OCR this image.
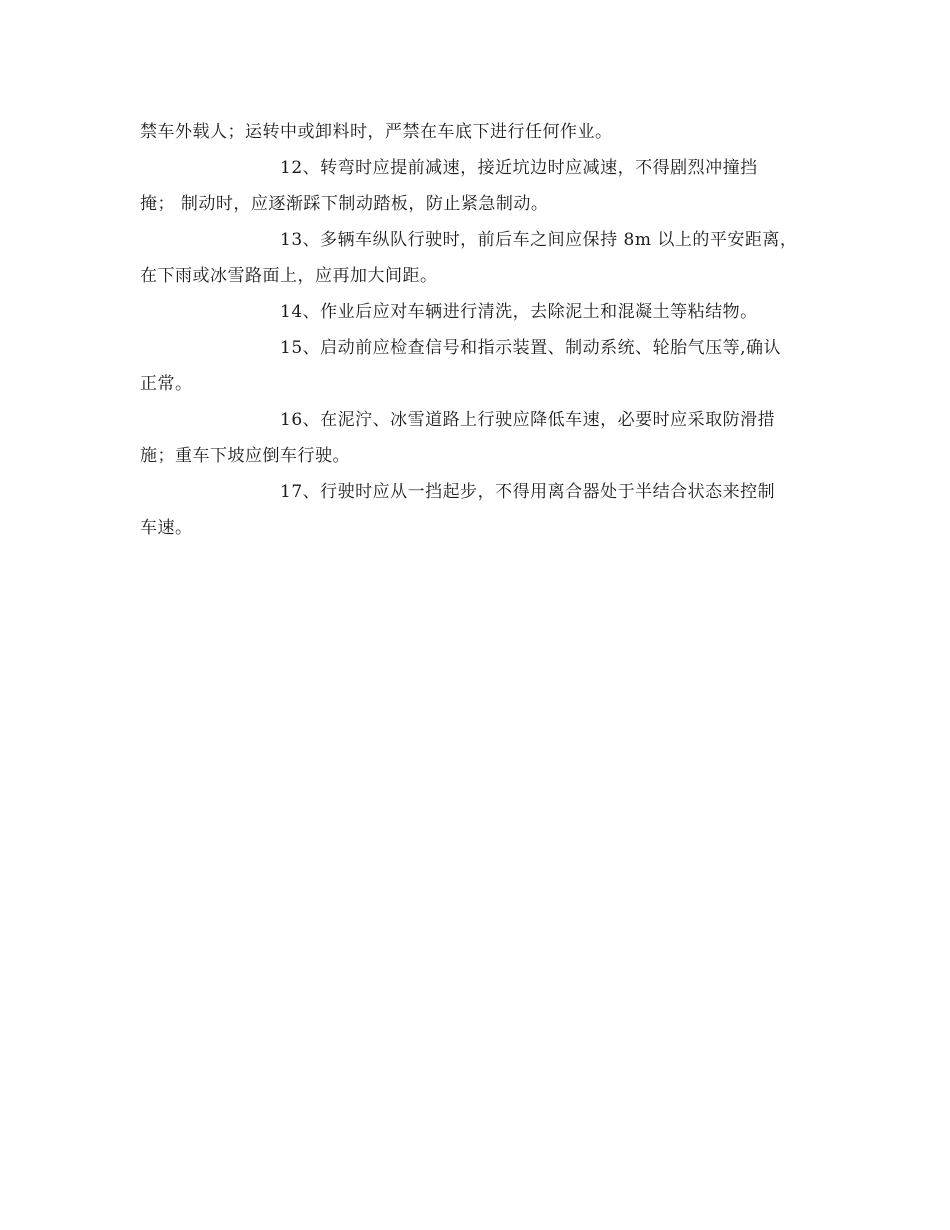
禁车外载人；运转中或卸料时，严禁在车底下进行任何作业。
12、转弯时应提前减速，接近坑边时应减速，不得剧烈冲撞挡
掩； 制动时，应逐渐踩下制动踏板，防止紧急制动。
13、多辆车纵队行驶时，前后车之间应保持 8m 以上的平安距离，
在下雨或冰雪路面上，应再加大间距。
14、作业后应对车辆进行清洗，去除泥土和混凝土等粘结物。
15、启动前应检查信号和指示装置、制动系统、轮胎气压等,确认
正常。
16、在泥泞、冰雪道路上行驶应降低车速，必要时应采取防滑措
施；重车下坡应倒车行驶。
17、行驶时应从一挡起步，不得用离合器处于半结合状态来控制
车速。
